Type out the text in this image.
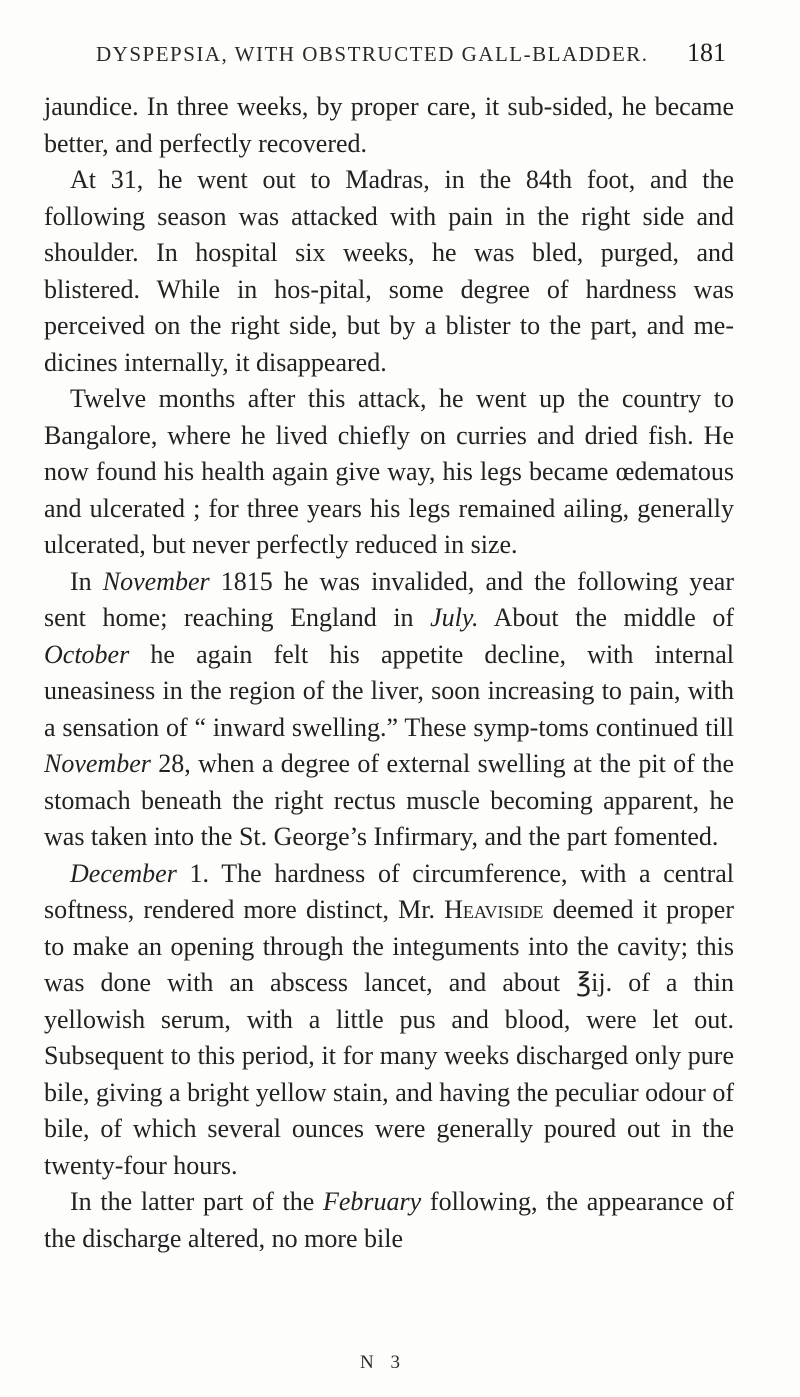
DYSPEPSIA, WITH OBSTRUCTED GALL-BLADDER. 181

jaundice. In three weeks, by proper care, it sub-sided, he became better, and perfectly recovered.

At 31, he went out to Madras, in the 84th foot, and the following season was attacked with pain in the right side and shoulder. In hospital six weeks, he was bled, purged, and blistered. While in hos-pital, some degree of hardness was perceived on the right side, but by a blister to the part, and me-dicines internally, it disappeared.

Twelve months after this attack, he went up the country to Bangalore, where he lived chiefly on curries and dried fish. He now found his health again give way, his legs became œdematous and ulcerated ; for three years his legs remained ailing, generally ulcerated, but never perfectly reduced in size.

In November 1815 he was invalided, and the following year sent home; reaching England in July. About the middle of October he again felt his appetite decline, with internal uneasiness in the region of the liver, soon increasing to pain, with a sensation of “ inward swelling.” These symp-toms continued till November 28, when a degree of external swelling at the pit of the stomach beneath the right rectus muscle becoming apparent, he was taken into the St. George’s Infirmary, and the part fomented.

December 1. The hardness of circumference, with a central softness, rendered more distinct, Mr. Heaviside deemed it proper to make an opening through the integuments into the cavity; this was done with an abscess lancet, and about ℥ij. of a thin yellowish serum, with a little pus and blood, were let out. Subsequent to this period, it for many weeks discharged only pure bile, giving a bright yellow stain, and having the peculiar odour of bile, of which several ounces were generally poured out in the twenty-four hours.

In the latter part of the February following, the appearance of the discharge altered, no more bile

N 3
